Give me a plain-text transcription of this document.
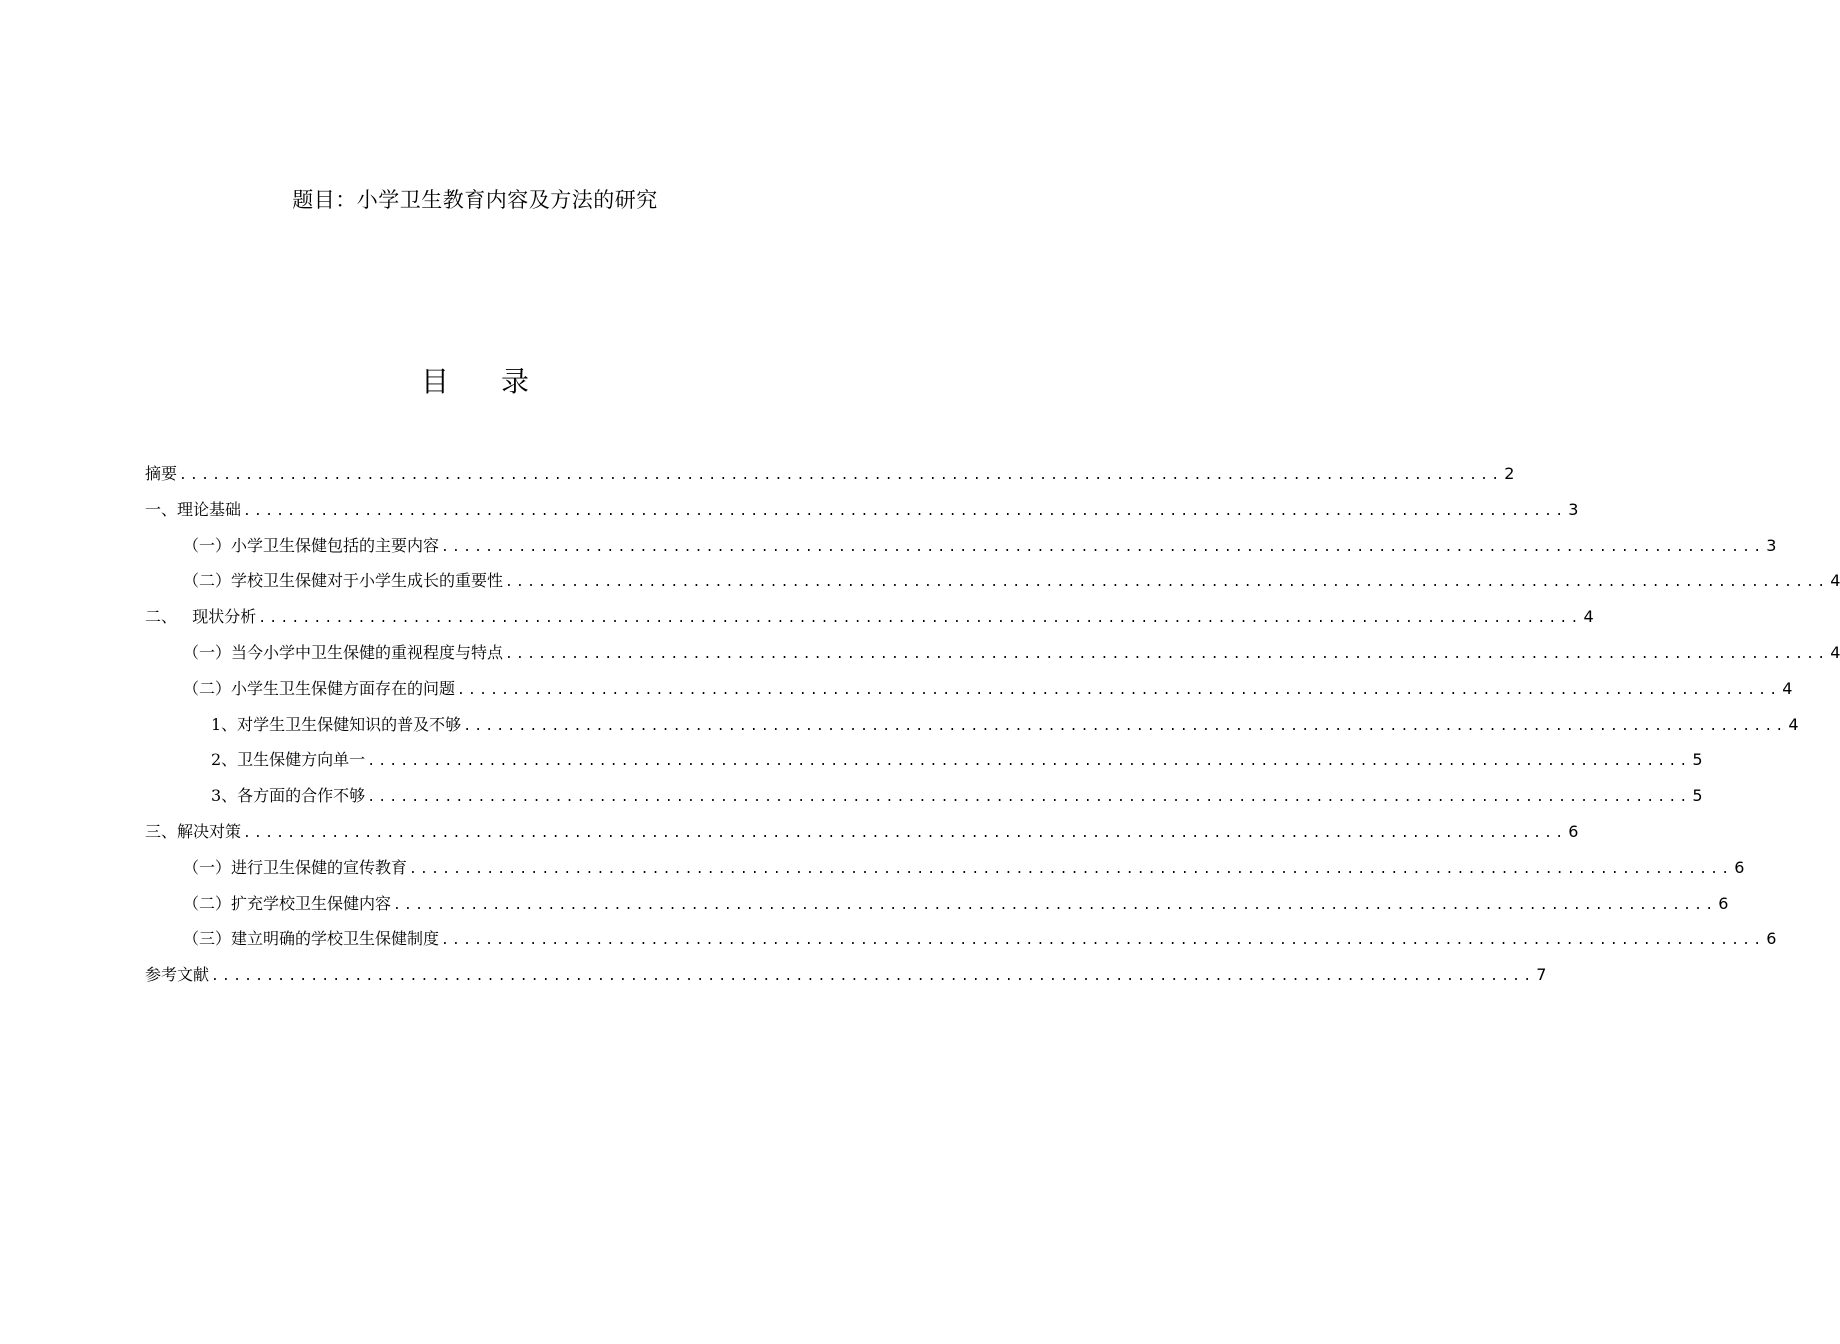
题目：小学卫生教育内容及方法的研究
目 录
摘要 ........................................................................................................................ 2
一、理论基础 ........................................................................................................................ 3
（一）小学卫生保健包括的主要内容 ........................................................................................................................ 3
（二）学校卫生保健对于小学生成长的重要性 ........................................................................................................................ 4
二、   现状分析 ........................................................................................................................ 4
（一）当今小学中卫生保健的重视程度与特点 ........................................................................................................................ 4
（二）小学生卫生保健方面存在的问题 ........................................................................................................................ 4
1、对学生卫生保健知识的普及不够 ........................................................................................................................ 4
2、卫生保健方向单一 ........................................................................................................................ 5
3、各方面的合作不够 ........................................................................................................................ 5
三、解决对策 ........................................................................................................................ 6
（一）进行卫生保健的宣传教育 ........................................................................................................................ 6
（二）扩充学校卫生保健内容 ........................................................................................................................ 6
（三）建立明确的学校卫生保健制度 ........................................................................................................................ 6
参考文献 ........................................................................................................................ 7
